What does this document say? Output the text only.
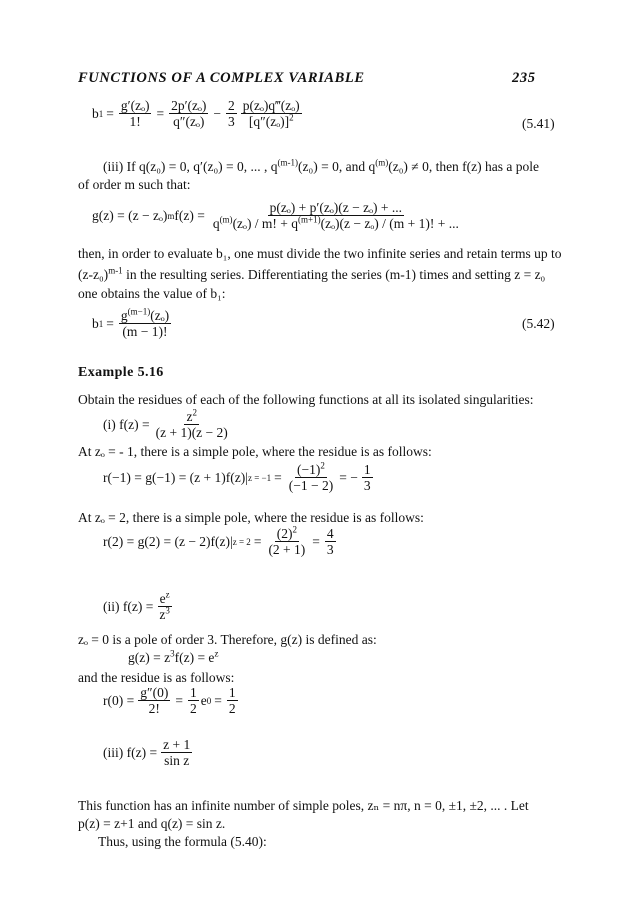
FUNCTIONS OF A COMPLEX VARIABLE	235
b $1 = \frac{\text{g′(zₒ)}}{1!} = \frac{\text{2p′(zₒ)}}{\text{q″(zₒ)}} - \frac{2}{3} \frac{\text{p(zₒ)q‴(zₒ)}}{[q''(z_o)]^2}$	(5.41)
(iii) If q(z₀) = 0, q′(z₀) = 0, ... , $q^{(m-1)}(z_0) = 0$, and $q^{(m)}(z_0) \ne 0$, then f(z) has a pole
of order m such that:
g(z) = (z − zₒ) m $f(z) = \frac{\text{p(zₒ) + p′(zₒ)(z − zₒ) + ...}}{q^{(m)}(z_o) / m! + q^{(m+1)}(z_o)(z - z_o) / (m + 1)! + ...}$
then, in order to evaluate b₁, one must divide the two infinite series and retain terms up to
$(z-z_0)^{m-1}$ in the resulting series. Differentiating the series (m-1) times and setting z = z₀
one obtains the value of b₁:
b $1 = \frac{g^{(m-1)}(z_o)}{(m - 1)!}$	(5.42)
Example 5.16
Obtain the residues of each of the following functions at all its isolated singularities:
(i) $f(z) = \frac{z^2}{(z + 1)(z - 2)}$
At zₒ = - 1, there is a simple pole, where the residue is as follows:
r(−1) = g(−1) = (z + 1)f(z)| $z = -1 = \frac{(-1)^2}{(-1 - 2)}$ = − $\frac{1}{3}$
At zₒ = 2, there is a simple pole, where the residue is as follows:
r(2) = g(2) = (z − 2)f(z)| $z = 2 = \frac{(2)^2}{(2 + 1)} = \frac{4}{3}$
(ii) $f(z) = \frac{e^z}{z^3}$
zₒ = 0 is a pole of order 3. Therefore, g(z) is defined as:
$g(z) = z^3f(z) = e^z$
and the residue is as follows:
$r(0) = \frac{g''(0)}{2!} = \frac{1}{2}$ e $0 = \frac{1}{2}$
(iii) $f(z) = \frac{z + 1}{\text{sin z}}$
This function has an infinite number of simple poles, zₙ = nπ, n = 0, ±1, ±2, ... . Let
p(z) = z+1 and q(z) = sin z.
Thus, using the formula (5.40):
